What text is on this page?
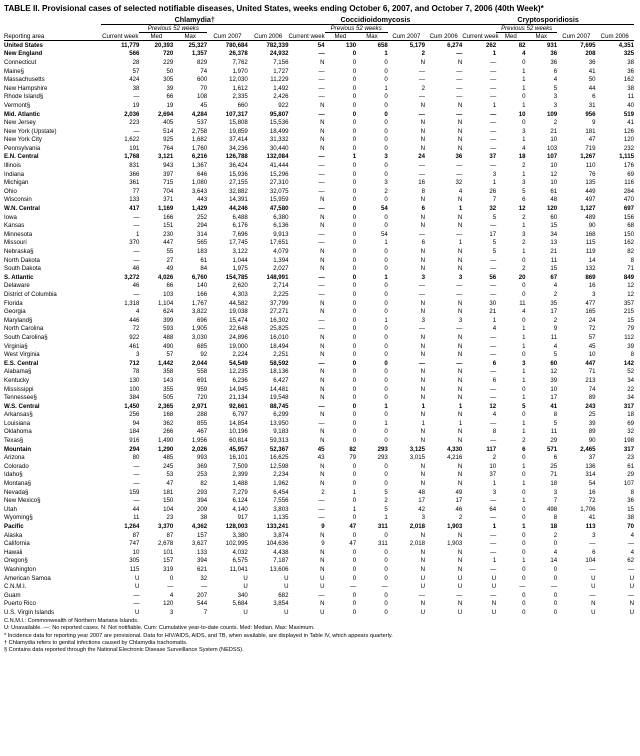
TABLE II. Provisional cases of selected notifiable diseases, United States, weeks ending October 6, 2007, and October 7, 2006 (40th Week)*
	Chlamydia†					Coccidioidomycosis					Cryptosporidiosis				
		Previous 52 weeks					Previous 52 weeks					Previous 52 weeks			
Reporting area	Current week	Med	Max	Cum 2007	Cum 2006	Current week	Med	Max	Cum 2007	Cum 2006	Current week	Med	Max	Cum 2007	Cum 2006
United States	11,779	20,393	25,327	780,684	782,339	54	130	658	5,179	6,274	262	82	931	7,695	4,351
New England	566	720	1,357	26,378	24,932	—	0	1	2	—	1	4	36	208	325
Connecticut	28	229	829	7,762	7,156	N	0	0	N	N	—	0	36	36	38
Maine§	57	50	74	1,970	1,727	—	0	0	—	—	—	1	6	41	36
Massachusetts	424	305	600	12,030	11,229	—	0	0	—	—	—	1	4	50	162
New Hampshire	38	39	70	1,612	1,492	—	0	1	2	—	—	1	5	44	38
Rhode Island§	—	66	108	2,335	2,426	—	0	0	—	—	—	0	3	6	11
Vermont§	19	19	45	660	922	N	0	0	N	N	1	1	3	31	40
Mid. Atlantic	2,036	2,694	4,284	107,317	95,807	—	0	0	—	—	—	10	109	956	519
New Jersey	223	405	537	15,808	15,536	N	0	0	N	N	—	0	2	9	41
New York (Upstate)	—	514	2,758	19,859	18,499	N	0	0	N	N	—	3	21	181	126
New York City	1,622	925	1,682	37,414	31,332	N	0	0	N	N	—	1	10	47	120
Pennsylvania	191	764	1,760	34,236	30,440	N	0	0	N	N	—	4	103	719	232
E.N. Central	1,768	3,121	6,216	126,788	132,084	—	1	3	24	36	37	18	107	1,267	1,115
Illinois	831	943	1,367	36,424	41,444	—	0	0	—	—	—	2	10	110	176
Indiana	366	397	646	15,936	15,296	—	0	0	—	—	3	1	12	76	69
Michigan	361	715	1,080	27,155	27,310	—	0	3	16	32	1	3	10	135	116
Ohio	77	704	3,643	32,882	32,075	—	0	2	8	4	26	5	61	449	284
Wisconsin	133	371	443	14,391	15,959	N	0	0	N	N	7	6	48	497	470
W.N. Central	417	1,169	1,429	44,246	47,580	—	0	54	6	1	32	12	120	1,127	697
Iowa	—	166	252	6,488	6,380	N	0	0	N	N	5	2	60	489	156
Kansas	—	151	294	6,176	6,136	N	0	0	N	N	—	1	15	90	68
Minnesota	1	230	314	7,696	9,913	—	0	54	—	—	17	3	34	168	150
Missouri	370	447	565	17,745	17,651	—	0	1	6	1	5	2	13	115	162
Nebraska§	—	55	183	3,122	4,079	N	0	0	N	N	5	1	21	119	82
North Dakota	—	27	61	1,044	1,394	N	0	0	N	N	—	0	11	14	8
South Dakota	46	49	84	1,975	2,027	N	0	0	N	N	—	2	15	132	71
S. Atlantic	3,272	4,026	6,760	154,785	148,991	—	0	1	3	3	56	20	67	869	849
Delaware	46	66	140	2,620	2,714	—	0	0	—	—	—	0	4	16	12
District of Columbia	—	103	166	4,303	2,225	—	0	0	—	—	—	0	2	3	12
Florida	1,318	1,104	1,767	44,582	37,799	N	0	0	N	N	30	11	35	477	357
Georgia	4	624	3,822	19,038	27,271	N	0	0	N	N	21	4	17	165	215
Maryland§	446	399	696	15,474	16,302	—	0	1	3	3	1	0	2	24	15
North Carolina	72	593	1,905	22,648	25,825	—	0	0	—	—	4	1	9	72	79
South Carolina§	922	488	3,030	24,896	16,010	N	0	0	N	N	—	1	11	57	112
Virginia§	461	490	685	19,000	18,494	N	0	0	N	N	—	1	4	45	39
West Virginia	3	57	92	2,224	2,251	N	0	0	N	N	—	0	5	10	8
E.S. Central	712	1,442	2,044	54,549	58,592	—	0	0	—	—	6	3	60	447	142
Alabama§	78	358	558	12,235	18,136	N	0	0	N	N	—	1	12	71	52
Kentucky	130	143	691	6,236	6,427	N	0	0	N	N	6	1	39	213	34
Mississippi	100	355	959	14,945	14,481	N	0	0	N	N	—	0	10	74	22
Tennessee§	384	505	720	21,134	19,548	N	0	0	N	N	—	1	17	89	34
W.S. Central	1,450	2,365	2,971	92,661	88,745	—	0	1	1	1	12	5	41	243	317
Arkansas§	256	168	288	6,797	6,299	N	0	0	N	N	4	0	8	25	18
Louisiana	94	362	855	14,854	13,950	—	0	1	1	1	—	1	5	39	69
Oklahoma	184	266	467	10,196	9,183	N	0	0	N	N	8	1	11	89	32
Texas§	916	1,490	1,956	60,814	59,313	N	0	0	N	N	—	2	29	90	198
Mountain	294	1,290	2,026	45,957	52,367	45	82	293	3,125	4,330	117	6	571	2,465	317
Arizona	80	485	993	16,101	16,625	43	79	293	3,015	4,216	2	0	6	37	23
Colorado	—	245	369	7,509	12,598	N	0	0	N	N	10	1	25	136	61
Idaho§	—	53	253	2,399	2,234	N	0	0	N	N	37	0	71	314	29
Montana§	—	47	82	1,488	1,962	N	0	0	N	N	1	1	18	54	107
Nevada§	159	181	293	7,279	6,454	2	1	5	48	49	3	0	3	16	8
New Mexico§	—	150	394	6,124	7,556	—	0	2	17	17	—	1	7	72	36
Utah	44	104	209	4,140	3,803	—	1	5	42	46	64	0	498	1,706	15
Wyoming§	11	23	38	917	1,135	—	0	1	3	2	—	0	8	41	38
Pacific	1,264	3,370	4,362	128,003	133,241	9	47	311	2,018	1,903	1	1	18	113	70
Alaska	87	87	157	3,380	3,874	N	0	0	N	N	—	0	2	3	4
California	747	2,678	3,627	102,995	104,636	9	47	311	2,018	1,903	—	0	0	—	—
Hawaii	10	101	133	4,032	4,438	N	0	0	N	N	—	0	4	6	4
Oregon§	305	157	394	6,575	7,187	N	0	0	N	N	1	1	14	104	62
Washington	115	319	621	11,041	13,606	N	0	0	N	N	—	0	0	—	—
American Samoa	U	0	32	U	U	U	0	0	U	U	U	0	0	U	U
C.N.M.I.	U	—	—	U	U	U	—	—	U	U	U	—	—	U	U
Guam	—	4	207	340	682	—	0	0	—	—	—	0	0	—	—
Puerto Rico	—	120	544	5,684	3,854	N	0	0	N	N	N	0	0	N	N
U.S. Virgin Islands	U	3	7	U	U	U	0	0	U	U	U	0	0	U	U
C.N.M.I.: Commonwealth of Northern Mariana Islands.
U: Unavailable. —: No reported cases. N: Not notifiable. Cum: Cumulative year-to-date counts. Med: Median. Max: Maximum.
* Incidence data for reporting year 2007 are provisional. Data for HIV/AIDS, AIDS, and TB, when available, are displayed in Table IV, which appears quarterly.
† Chlamydia refers to genital infections caused by Chlamydia trachomatis.
§ Contains data reported through the National Electronic Disease Surveillance System (NEDSS).
